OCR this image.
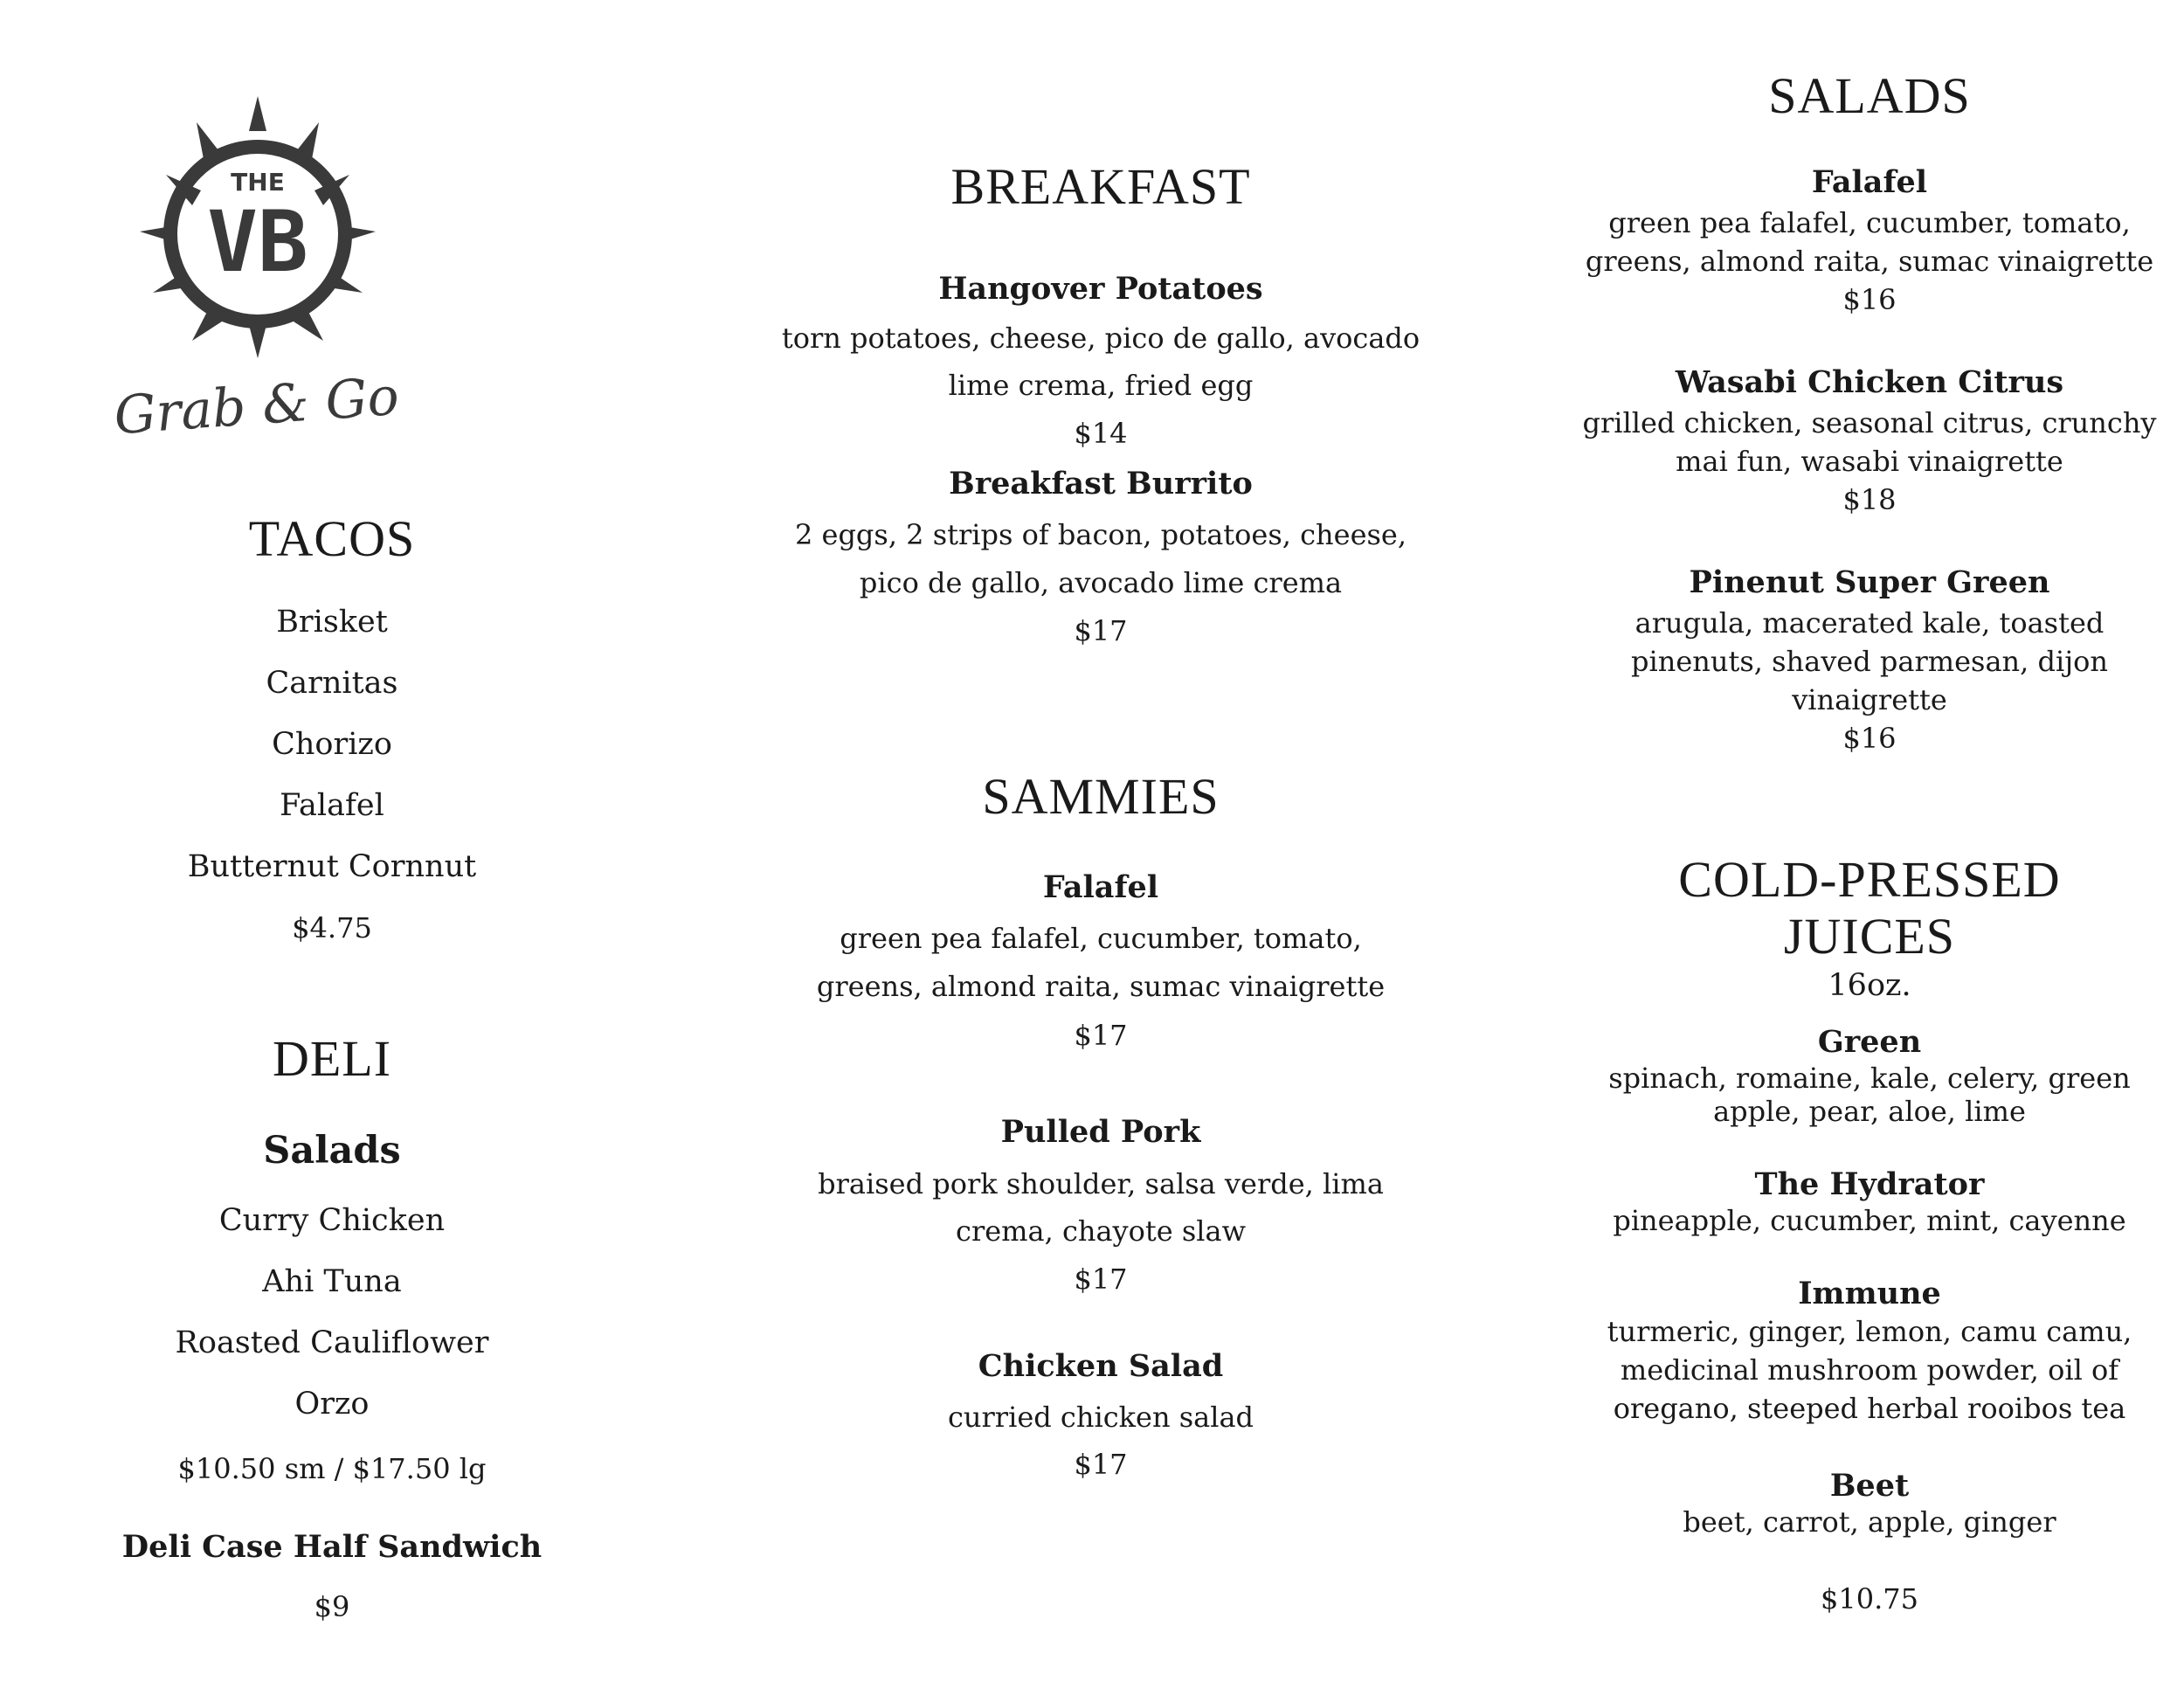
THE
VB
Grab & Go
TACOS
Brisket
Carnitas
Chorizo
Falafel
Butternut Cornnut
$4.75
DELI
Salads
Curry Chicken
Ahi Tuna
Roasted Cauliflower
Orzo
$10.50 sm / $17.50 lg
Deli Case Half Sandwich
$9
BREAKFAST
Hangover Potatoes
torn potatoes, cheese, pico de gallo, avocado
lime crema, fried egg
$14
Breakfast Burrito
2 eggs, 2 strips of bacon, potatoes, cheese,
pico de gallo, avocado lime crema
$17
SAMMIES
Falafel
green pea falafel, cucumber, tomato,
greens, almond raita, sumac vinaigrette
$17
Pulled Pork
braised pork shoulder, salsa verde, lima
crema, chayote slaw
$17
Chicken Salad
curried chicken salad
$17
SALADS
Falafel
green pea falafel, cucumber, tomato,
greens, almond raita, sumac vinaigrette
$16
Wasabi Chicken Citrus
grilled chicken, seasonal citrus, crunchy
mai fun, wasabi vinaigrette
$18
Pinenut Super Green
arugula, macerated kale, toasted
pinenuts, shaved parmesan, dijon
vinaigrette
$16
COLD-PRESSED
JUICES
16oz.
Green
spinach, romaine, kale, celery, green
apple, pear, aloe, lime
The Hydrator
pineapple, cucumber, mint, cayenne
Immune
turmeric, ginger, lemon, camu camu,
medicinal mushroom powder, oil of
oregano, steeped herbal rooibos tea
Beet
beet, carrot, apple, ginger
$10.75
